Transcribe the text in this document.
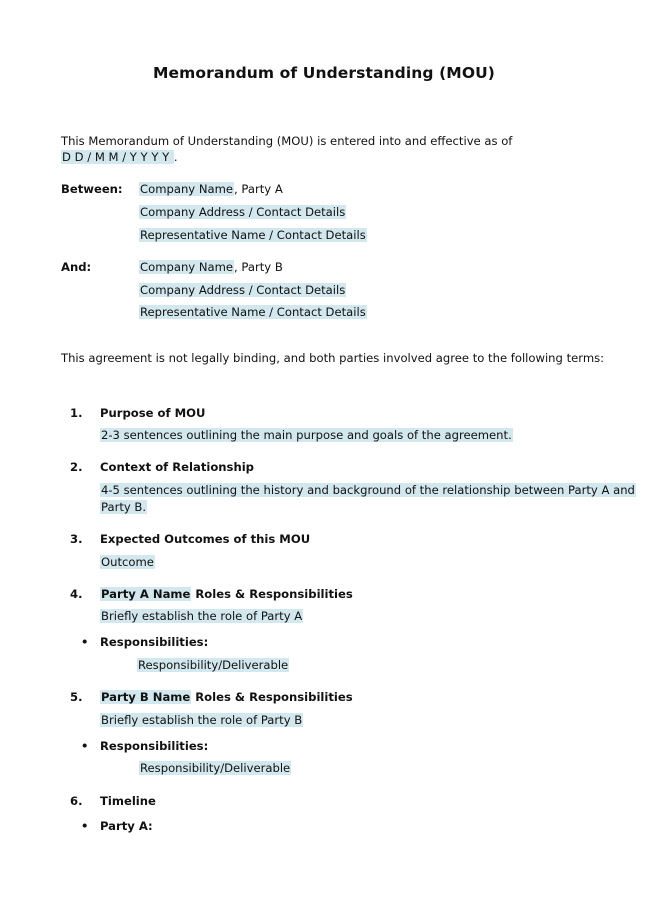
Memorandum of Understanding (MOU)
This Memorandum of Understanding (MOU) is entered into and effective as of
D D / M M / Y Y Y Y .
Between: Company Name, Party A
Company Address / Contact Details
Representative Name / Contact Details
And:	Company Name, Party B
Company Address / Contact Details
Representative Name / Contact Details
This agreement is not legally binding, and both parties involved agree to the following terms:
1. Purpose of MOU
2-3 sentences outlining the main purpose and goals of the agreement.
2. Context of Relationship
4-5 sentences outlining the history and background of the relationship between Party A and
Party B.
3. Expected Outcomes of this MOU
Outcome
4. Party A Name Roles & Responsibilities
Briefly establish the role of Party A
• Responsibilities:
Responsibility/Deliverable
5. Party B Name Roles & Responsibilities
Briefly establish the role of Party B
• Responsibilities:
Responsibility/Deliverable
6. Timeline
• Party A:
